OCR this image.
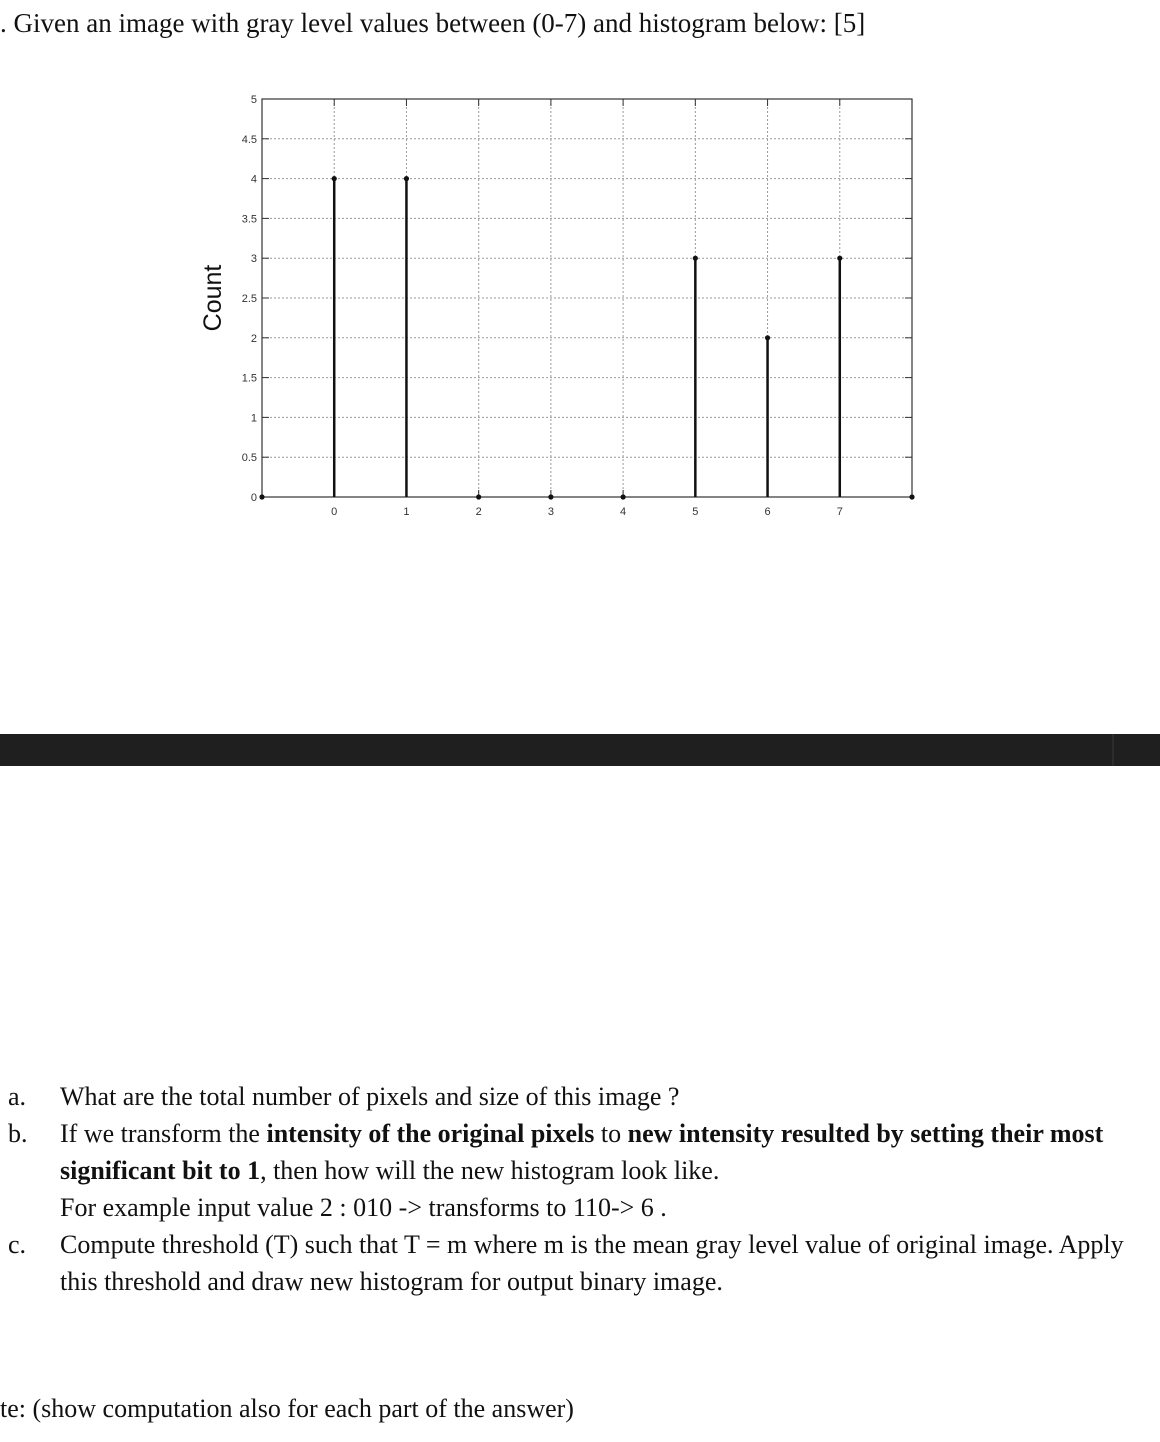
. Given an image with gray level values between (0-7) and histogram below: [5]
0
0.5
1
1.5
2
2.5
3
3.5
4
4.5
5
0	1	2	3	4	5	6	7
Count
a. What are the total number of pixels and size of this image ?

b. If we transform the intensity of the original pixels to new intensity resulted by setting their most significant bit to 1, then how will the new histogram look like.

For example input value 2 : 010 -> transforms to 110-> 6 .

c. Compute threshold (T) such that T = m where m is the mean gray level value of original image. Apply this threshold and draw new histogram for output binary image.

te: (show computation also for each part of the answer)
